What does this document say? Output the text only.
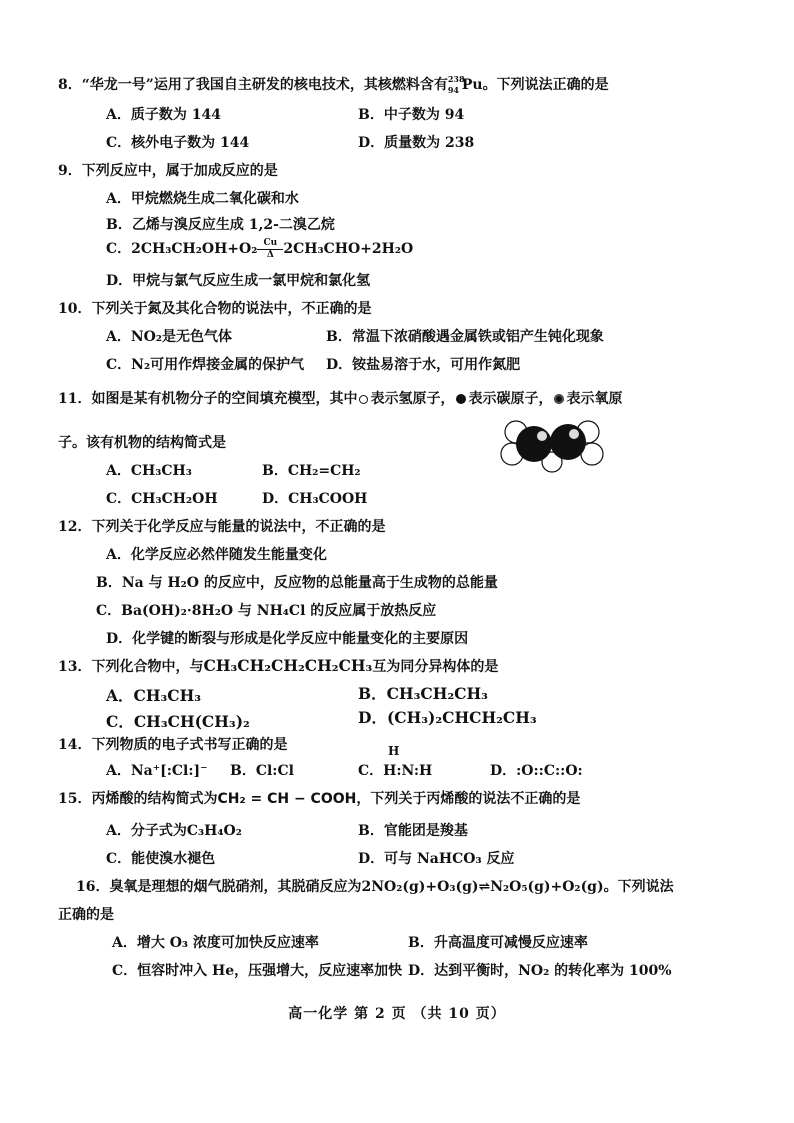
8．“华龙一号”运用了我国自主研发的核电技术，其核燃料含有 238
94 Pu。下列说法正确的是
A．质子数为 144	B．中子数为 94
C．核外电子数为 144	D．质量数为 238
9．下列反应中，属于加成反应的是
A．甲烷燃烧生成二氧化碳和水
B．乙烯与溴反应生成 1,2-二溴乙烷
C．$2CH_3CH_2OH+O_2 \frac{Cu}{\Delta} 2CH_3CHO+2H_2O$
D．甲烷与氯气反应生成一氯甲烷和氯化氢
10．下列关于氮及其化合物的说法中，不正确的是
A．NO₂是无色气体	B．常温下浓硝酸遇金属铁或铝产生钝化现象
C．N₂可用作焊接金属的保护气 D．铵盐易溶于水，可用作氮肥
11．如图是某有机物分子的空间填充模型，其中 表示氢原子， 表示碳原子， 表示氧原
子。该有机物的结构简式是
A．CH₃CH₃	B．CH₂=CH₂
C．CH₃CH₂OH	D．CH₃COOH
12．下列关于化学反应与能量的说法中，不正确的是
A．化学反应必然伴随发生能量变化
B．Na 与 H₂O 的反应中，反应物的总能量高于生成物的总能量
C．Ba(OH)₂·8H₂O 与 NH₄Cl 的反应属于放热反应
D．化学键的断裂与形成是化学反应中能量变化的主要原因
13．下列化合物中，与CH₃CH₂CH₂CH₂CH₃互为同分异构体的是
A．CH₃CH₃	B．CH₃CH₂CH₃
C．CH₃CH(CH₃)₂	D．(CH₃)₂CHCH₂CH₃
14．下列物质的电子式书写正确的是	H
A．Na⁺[:Cl:]⁻ B．Cl:Cl	C．H:N:H	D．:O::C::O:
15．丙烯酸的结构简式为CH₂ = CH − COOH，下列关于丙烯酸的说法不正确的是
A．分子式为C₃H₄O₂	B．官能团是羧基
C．能使溴水褪色	D．可与 NaHCO₃ 反应
16．臭氧是理想的烟气脱硝剂，其脱硝反应为2NO₂(g)+O₃(g)⇌N₂O₅(g)+O₂(g)。下列说法
正确的是
A．增大 O₃ 浓度可加快反应速率	B．升高温度可减慢反应速率
C．恒容时冲入 He，压强增大，反应速率加快 D．达到平衡时，NO₂ 的转化率为 100%
高一化学 第 2 页 （共 10 页）
